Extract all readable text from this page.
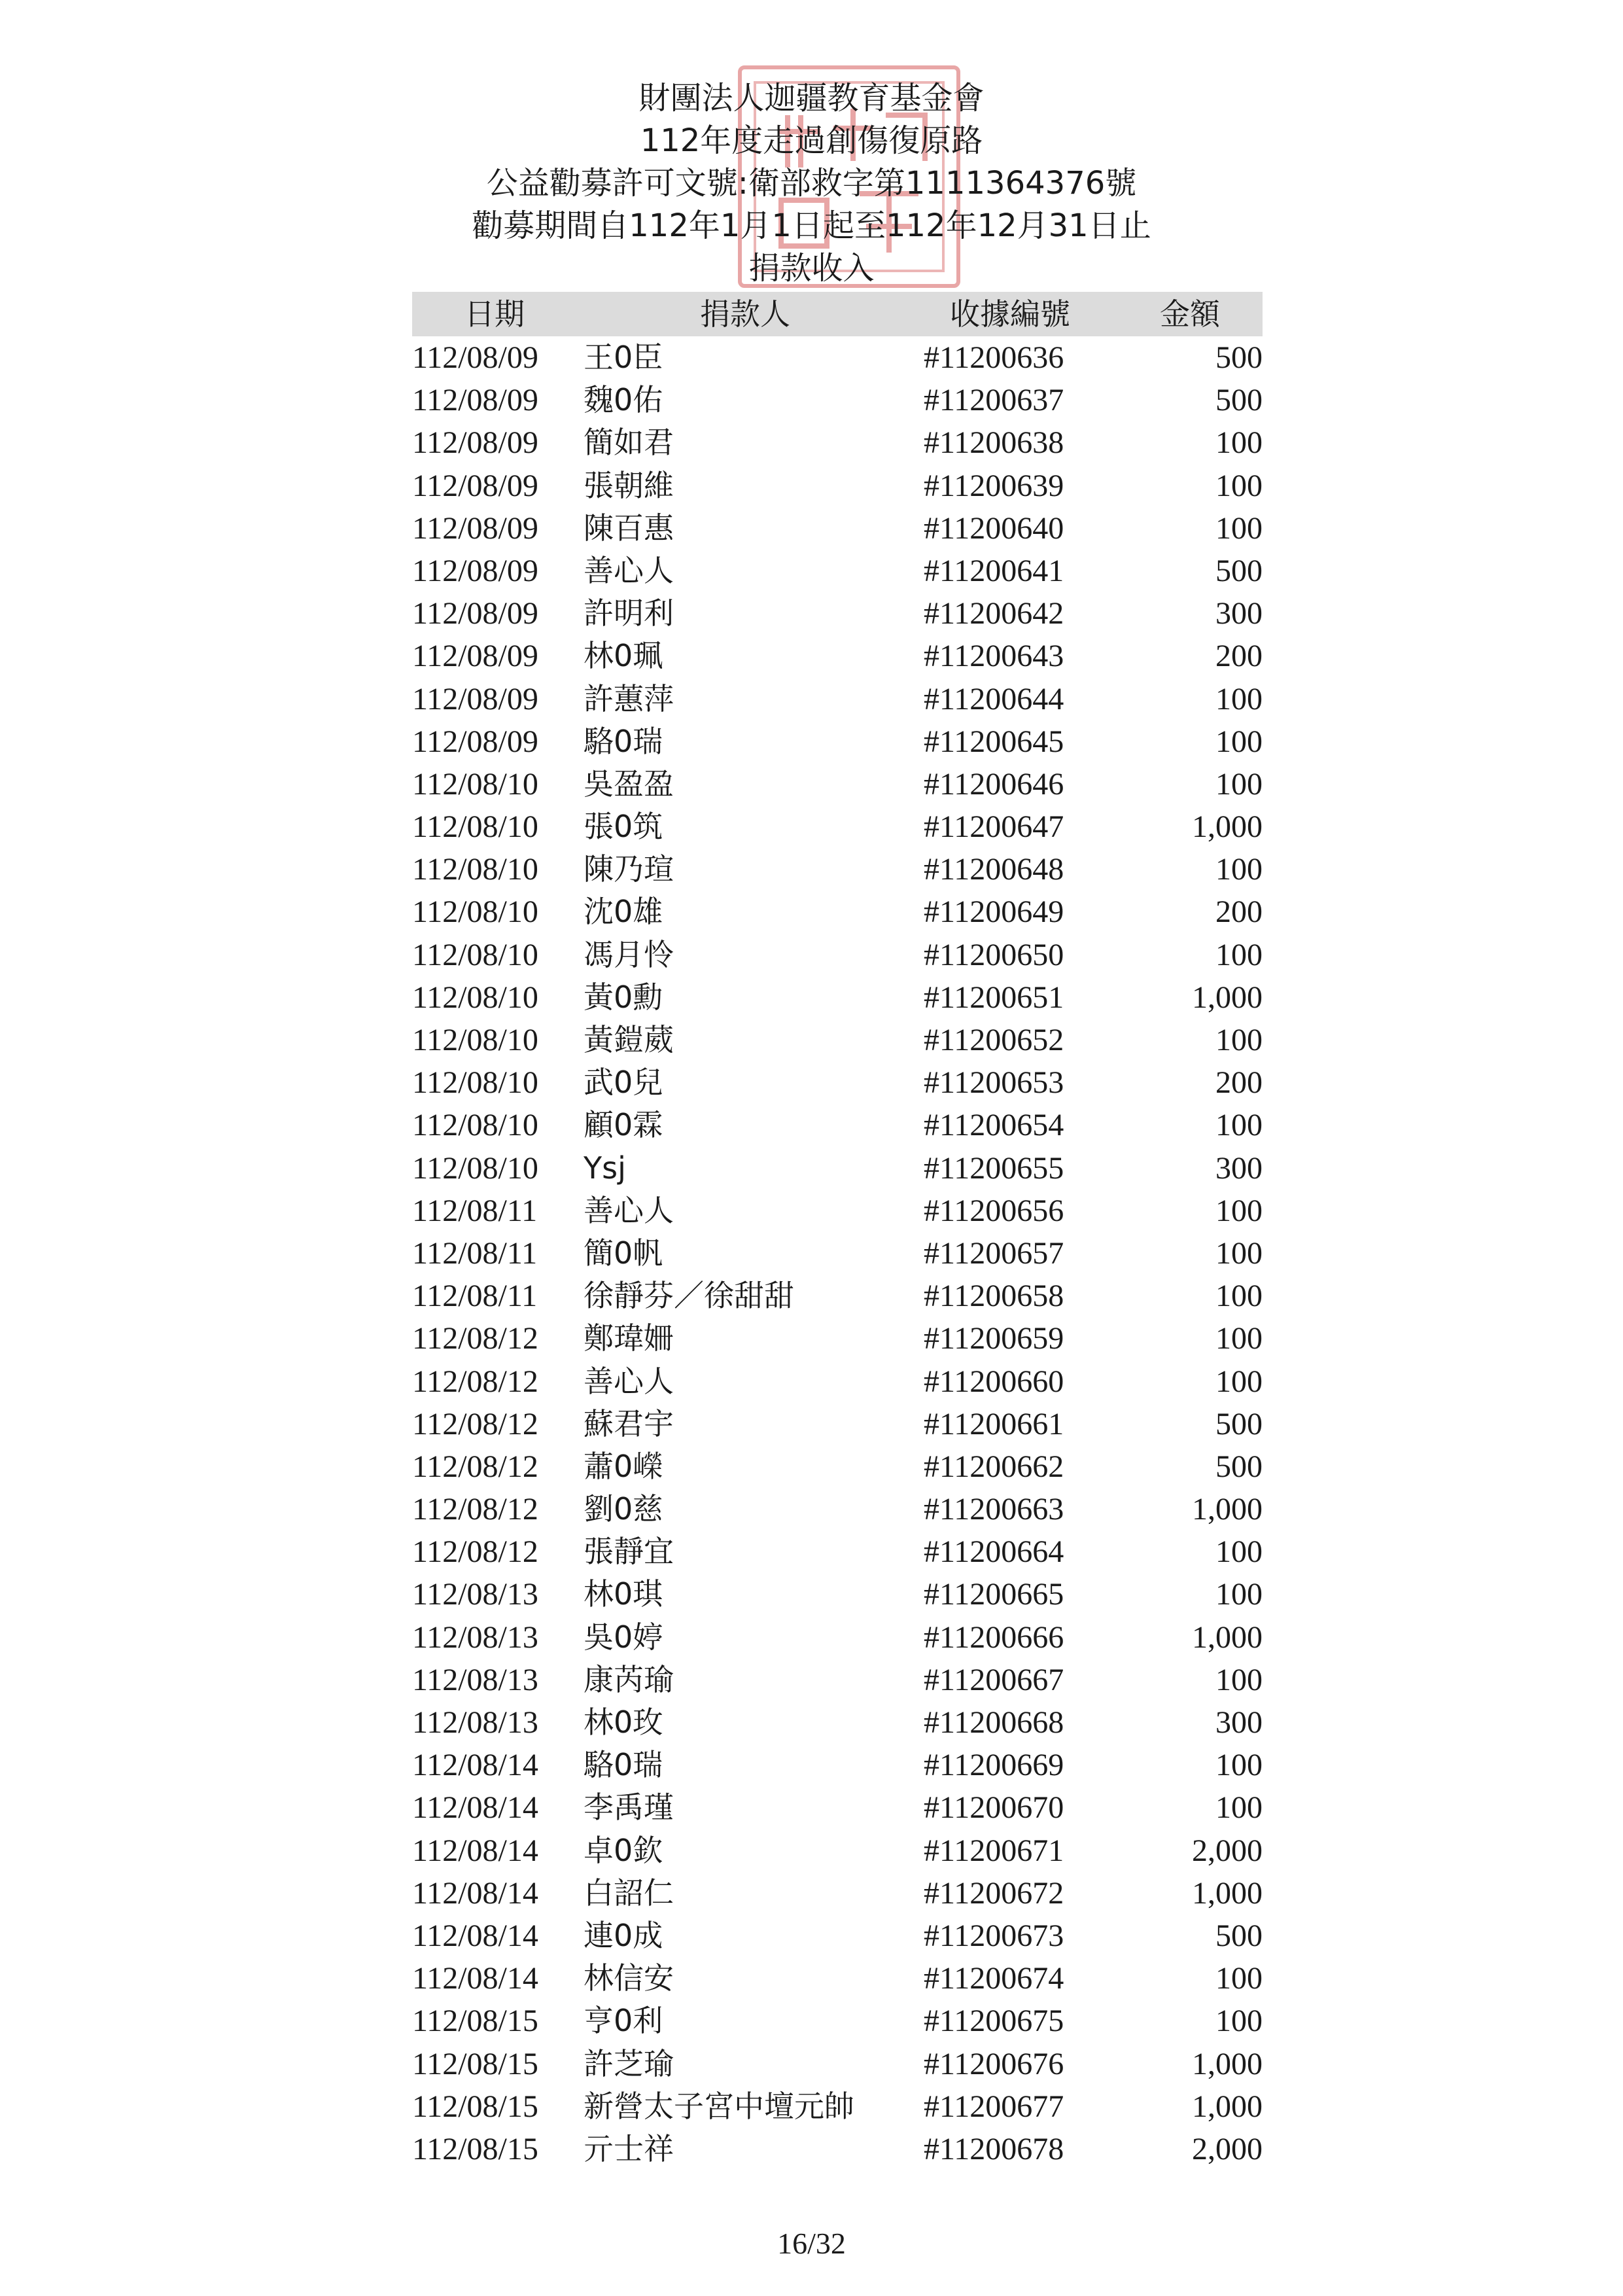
財團法人迦疆教育基金會
112年度走過創傷復原路
公益勸募許可文號:衛部救字第1111364376號
勸募期間自112年1月1日起至112年12月31日止
捐款收入
日期	捐款人	收據編號	金額
112/08/09 王0臣	#11200636	500
112/08/09 魏0佑	#11200637	500
112/08/09 簡如君	#11200638	100
112/08/09 張朝維	#11200639	100
112/08/09 陳百惠	#11200640	100
112/08/09 善心人	#11200641	500
112/08/09 許明利	#11200642	300
112/08/09 林0珮	#11200643	200
112/08/09 許蕙萍	#11200644	100
112/08/09 駱0瑞	#11200645	100
112/08/10 吳盈盈	#11200646	100
112/08/10 張0筑	#11200647	1,000
112/08/10 陳乃瑄	#11200648	100
112/08/10 沈0雄	#11200649	200
112/08/10 馮月怜	#11200650	100
112/08/10 黃0勳	#11200651	1,000
112/08/10 黃鎧葳	#11200652	100
112/08/10 武0兒	#11200653	200
112/08/10 顧0霖	#11200654	100
112/08/10 Ysj	#11200655	300
112/08/11 善心人	#11200656	100
112/08/11 簡0帆	#11200657	100
112/08/11 徐靜芬／徐甜甜	#11200658	100
112/08/12 鄭瑋姍	#11200659	100
112/08/12 善心人	#11200660	100
112/08/12 蘇君宇	#11200661	500
112/08/12 蕭0嶸	#11200662	500
112/08/12 劉0慈	#11200663	1,000
112/08/12 張靜宜	#11200664	100
112/08/13 林0琪	#11200665	100
112/08/13 吳0婷	#11200666	1,000
112/08/13 康芮瑜	#11200667	100
112/08/13 林0玫	#11200668	300
112/08/14 駱0瑞	#11200669	100
112/08/14 李禹瑾	#11200670	100
112/08/14 卓0欽	#11200671	2,000
112/08/14 白詔仁	#11200672	1,000
112/08/14 連0成	#11200673	500
112/08/14 林信安	#11200674	100
112/08/15 亨0利	#11200675	100
112/08/15 許芝瑜	#11200676	1,000
112/08/15 新營太子宮中壇元帥 #11200677	1,000
112/08/15 亓士祥	#11200678	2,000
16/32
